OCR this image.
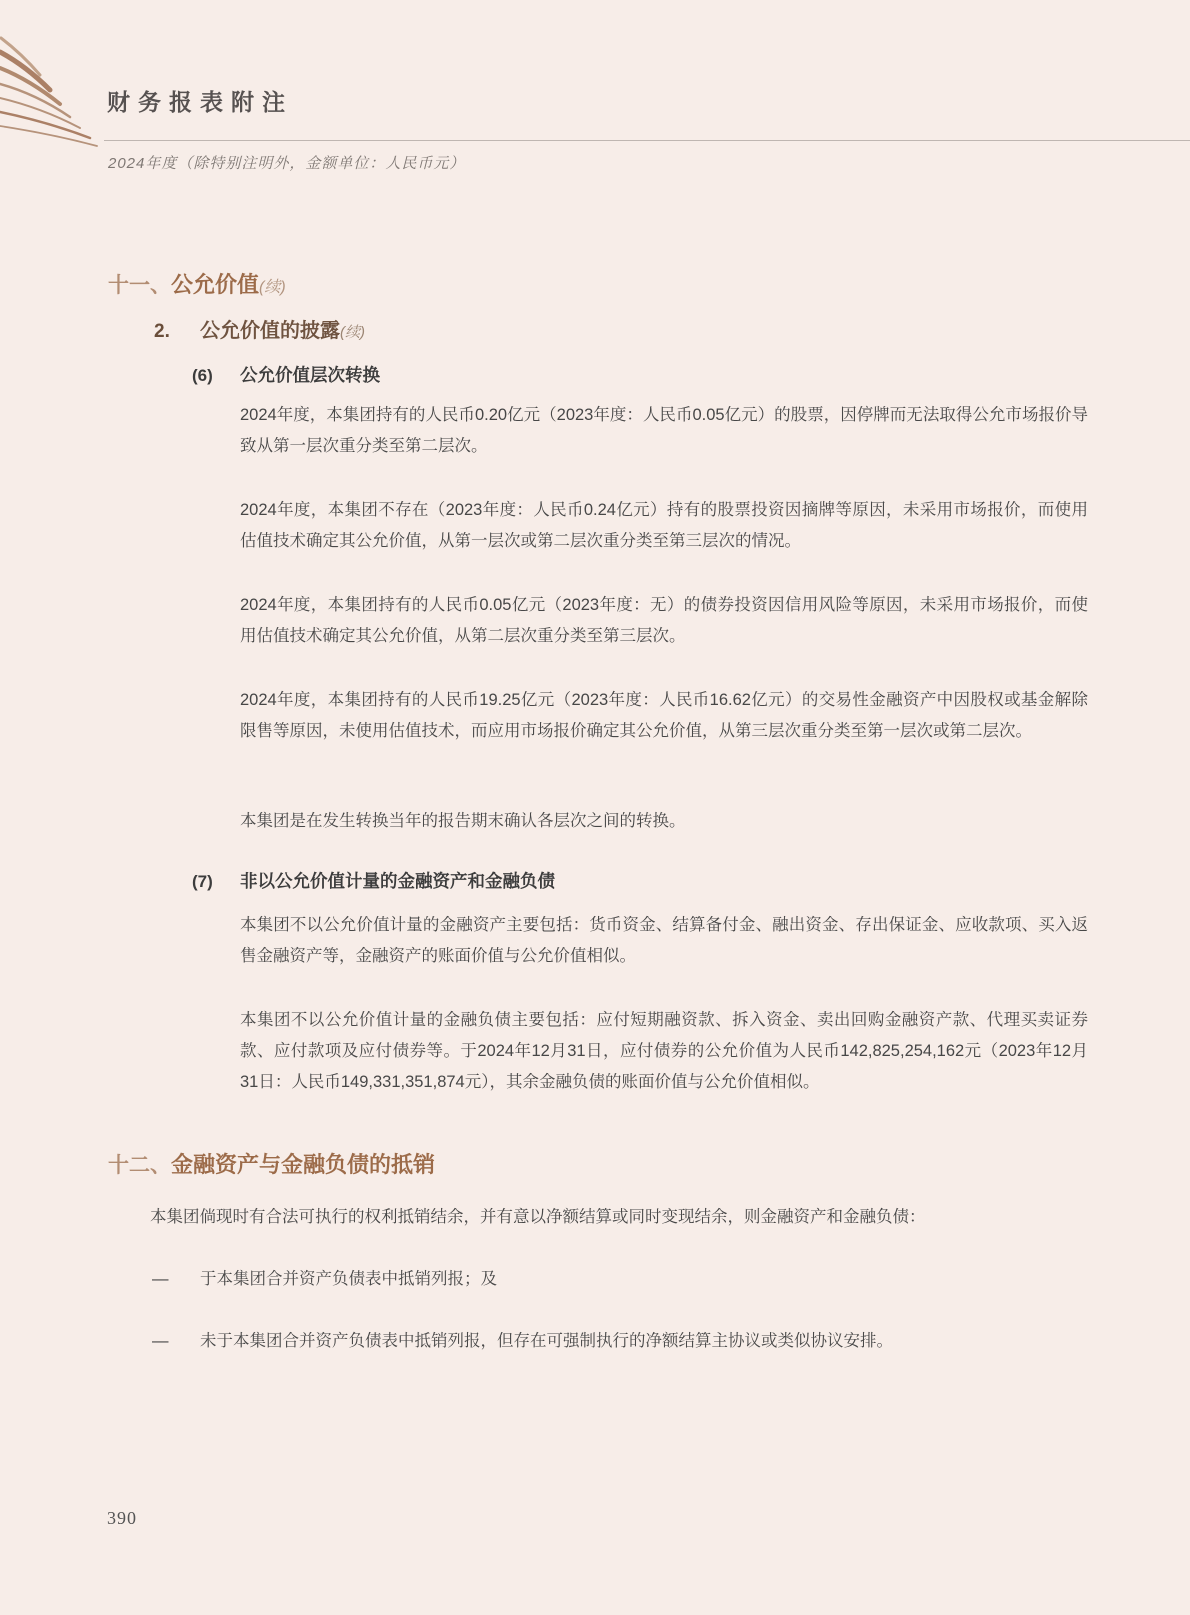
财务报表附注
2024年度（除特别注明外，金额单位：人民币元）
十一、公允价值(续)
2. 公允价值的披露(续)
(6) 公允价值层次转换

2024年度，本集团持有的人民币0.20亿元（2023年度：人民币0.05亿元）的股票，因停牌而无法取得公允市场报价导致从第一层次重分类至第二层次。

2024年度，本集团不存在（2023年度：人民币0.24亿元）持有的股票投资因摘牌等原因，未采用市场报价，而使用估值技术确定其公允价值，从第一层次或第二层次重分类至第三层次的情况。

2024年度，本集团持有的人民币0.05亿元（2023年度：无）的债券投资因信用风险等原因，未采用市场报价，而使用估值技术确定其公允价值，从第二层次重分类至第三层次。

2024年度，本集团持有的人民币19.25亿元（2023年度：人民币16.62亿元）的交易性金融资产中因股权或基金解除限售等原因，未使用估值技术，而应用市场报价确定其公允价值，从第三层次重分类至第一层次或第二层次。

本集团是在发生转换当年的报告期末确认各层次之间的转换。

(7) 非以公允价值计量的金融资产和金融负债

本集团不以公允价值计量的金融资产主要包括：货币资金、结算备付金、融出资金、存出保证金、应收款项、买入返售金融资产等，金融资产的账面价值与公允价值相似。

本集团不以公允价值计量的金融负债主要包括：应付短期融资款、拆入资金、卖出回购金融资产款、代理买卖证券款、应付款项及应付债券等。于2024年12月31日，应付债券的公允价值为人民币142,825,254,162元（2023年12月31日：人民币149,331,351,874元），其余金融负债的账面价值与公允价值相似。

十二、金融资产与金融负债的抵销

本集团倘现时有合法可执行的权利抵销结余，并有意以净额结算或同时变现结余，则金融资产和金融负债：

—	于本集团合并资产负债表中抵销列报；及
—	未于本集团合并资产负债表中抵销列报，但存在可强制执行的净额结算主协议或类似协议安排。
390
